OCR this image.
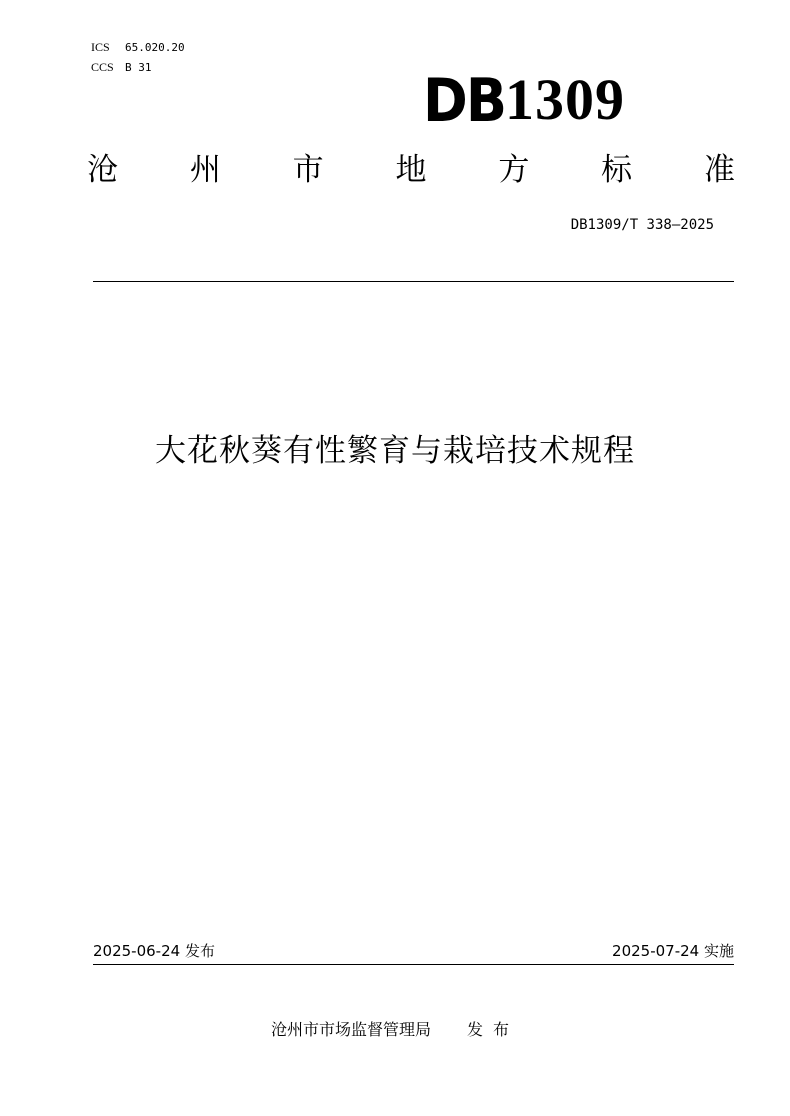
ICS 65.020.20
CCS B 31	DB 1309
沧 州 市 地 方 标 准
DB1309/T 338—2025
大花秋葵有性繁育与栽培技术规程
2025-06-24 发布	2025-07-24 实施
沧州市市场监督管理局 发布
